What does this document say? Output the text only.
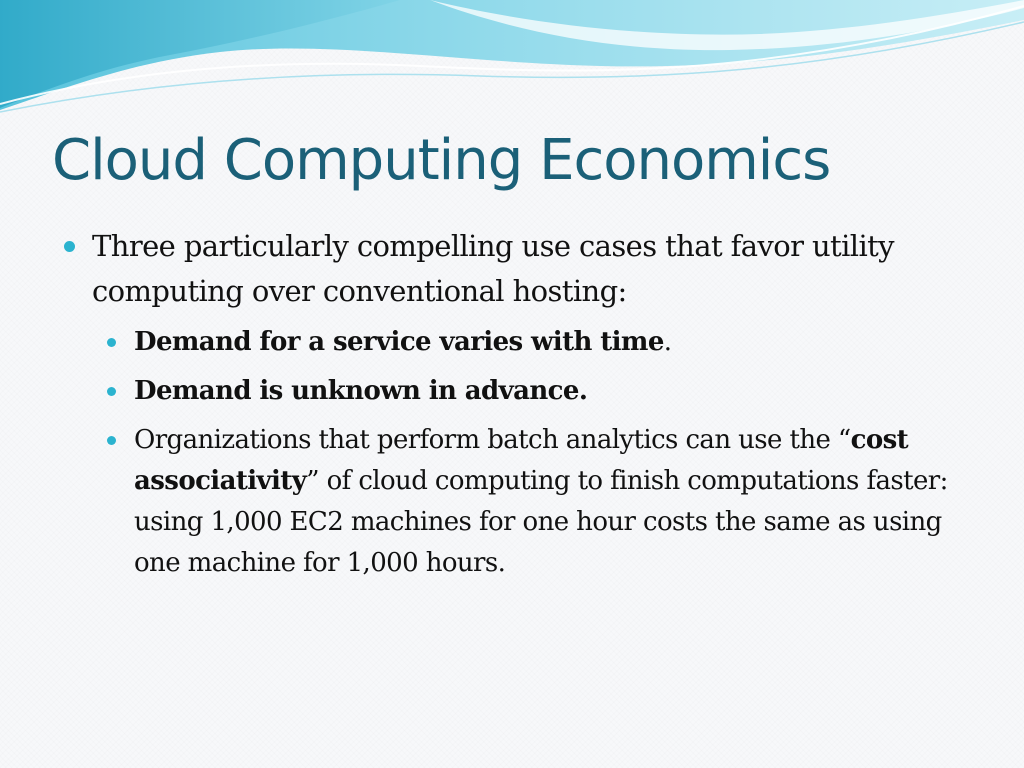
Cloud Computing Economics
Three particularly compelling use cases that favor utility computing over conventional hosting:
Demand for a service varies with time.
Demand is unknown in advance.
Organizations that perform batch analytics can use the “cost associativity” of cloud computing to finish computations faster: using 1,000 EC2 machines for one hour costs the same as using one machine for 1,000 hours.
